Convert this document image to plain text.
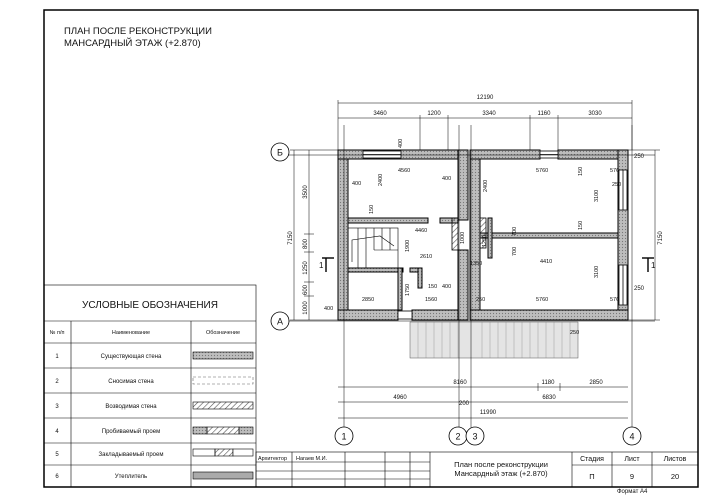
ПЛАН ПОСЛЕ РЕКОНСТРУКЦИИ
МАНСАРДНЫЙ ЭТАЖ (+2.870)
Формат А4
12190
3460	1200	3340	1160	3030
8160	1180	2850
4960
200
6830
11990
7150
3500
800
1250
600
1000
7150
250
250
4560
400
5760
400
4460
1350	4410
2610
2850	1560
150 400
5760
576
576
2400	2400
3100
3100
150
150
150
1900
1750
1250
700
700
1000
400
400
250
250
250
Б
А
1	2 3	4
1	1
УСЛОВНЫЕ ОБОЗНАЧЕНИЯ
№ п/п	Наименование	Обозначение
1	Существующая стена
2	Сносимая стена
3	Возводимая стена
4	Пробиваемый проем
5	Закладываемый проем
6	Утеплитель
Архитектор Нагаев М.И.
План после реконструкции
Мансардный этаж (+2.870)
Стадия	Лист	Листов
П	9	20
